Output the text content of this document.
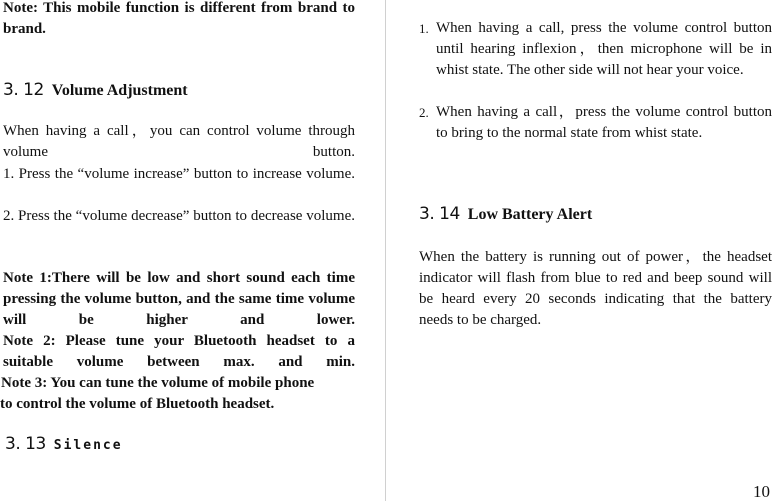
Note: This mobile function is different from brand to brand.

3. 12 Volume Adjustment

When having a call，you can control volume through volume button.

1. Press the “volume increase” button to increase volume.

2. Press the “volume decrease” button to decrease volume.

Note 1:There will be low and short sound each time pressing the volume button, and the same time volume will be higher and lower.

Note 2: Please tune your Bluetooth headset to a suitable volume between max. and min.

Note 3: You can tune the volume of mobile phone

to control the volume of Bluetooth headset.

3. 13 Silence
1. When having a call, press the volume control button until hearing inflexion，then microphone will be in whist state. The other side will not hear your voice.
2. When having a call，press the volume control button to bring to the normal state from whist state.
3. 14 Low Battery Alert

When the battery is running out of power，the headset indicator will flash from blue to red and beep sound will be heard every 20 seconds indicating that the battery needs to be charged.

10
